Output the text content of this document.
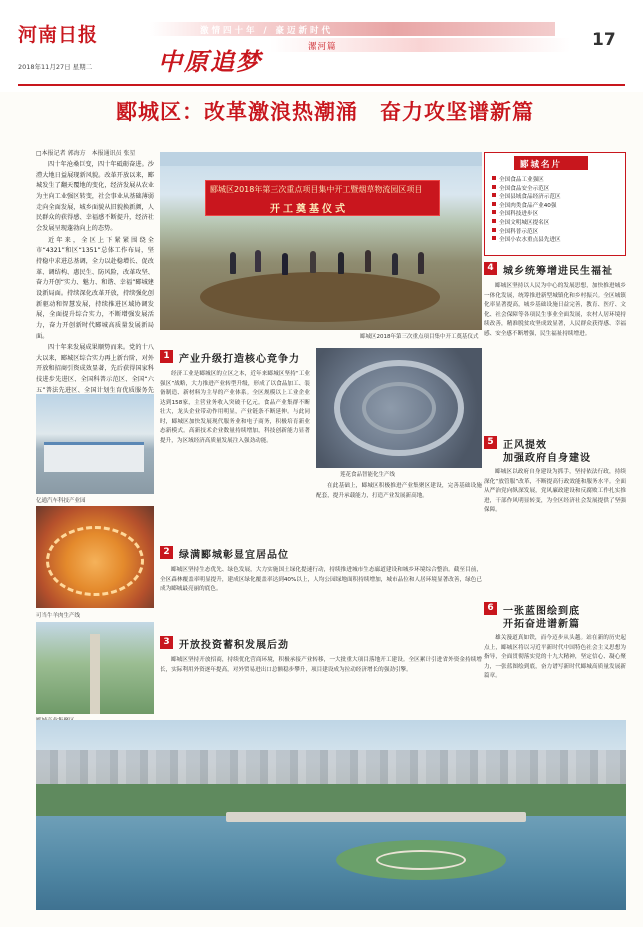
河南日报
2018年11月27日 星期二
激情四十年 / 豪迈新时代
漯河篇	17
中原追梦
郾城区：改革激浪热潮涌　奋力攻坚谱新篇
□本报记者 郭海方　本报通讯员 张星

四十年沧桑巨变，四十年砥砺奋进。沙澧大地日益展现新风貌。改革开放以来，郾城发生了翻天覆地的变化，经济发展从农业为主向工业强区转变，社会事业从基础薄弱走向全面发展，城乡面貌从旧貌换新颜，人民群众的获得感、幸福感不断提升，经济社会发展呈现蓬勃向上的态势。

近年来，全区上下紧紧围绕全市“4321”和区“1351”总体工作布局，坚持稳中求进总基调，全力以赴稳增长、促改革、调结构、惠民生、防风险，改革攻坚、奋力开创“实力、魅力、和谐、幸福”郾城建设新局面。持续深化改革开放，持续强化创新驱动和智慧发展，持续推进区域协调发展，全面提升综合实力，不断增强发展活力，奋力开创新时代郾城高质量发展新局面。

四十年来发展成果顺势而来。党的十八大以来，郾城区综合实力再上新台阶，对外开放和招商引资成效显著，先后获得国家科技进步先进区、全国科普示范区、全国“六五”普法先进区、全国计划生育优质服务先

郾城区2018年第三次重点项目集中开工暨烟草物流园区项目
开工奠基仪式
郾城区2018年第三次重点项目集中开工奠基仪式
郾城名片
全国食品工业强区
全国食品安全示范区
全国县域食品经济示范区
全国肉类食品产业40强
全国科技进步区
全国文明城区提名区
全国科普示范区
全国小农水重点县先进区
4 城乡统筹增进民生福祉

郾城区坚持以人民为中心的发展思想，加快推进城乡一体化发展，统筹推进新型城镇化和乡村振兴。全区城镇化率显著提高，城乡基础设施日益完善，教育、医疗、文化、社会保障等各项民生事业全面发展，农村人居环境持续改善，精准脱贫攻坚成效显著，人民群众获得感、幸福感、安全感不断增强，民生福祉持续增进。

5 正风提效
加强政府自身建设

郾城区以政府自身建设为抓手，坚持依法行政，持续深化“放管服”改革，不断提高行政效能和服务水平。全面从严治党向纵深发展，党风廉政建设和反腐败工作扎实推进，干部作风明显转变，为全区经济社会发展提供了坚强保障。

6 一张蓝图绘到底
开拓奋进谱新篇

雄关漫道真如铁，而今迈步从头越。站在新的历史起点上，郾城区将以习近平新时代中国特色社会主义思想为指导，全面贯彻落实党的十九大精神，坚定信心、凝心聚力，一张蓝图绘到底，奋力谱写新时代郾城高质量发展新篇章。

亿通汽车科技产业园
可当牛羊肉生产线
1 产业升级打造核心竞争力

经济工业是郾城区的立区之本，近年来郾城区坚持“工业强区”战略，大力推进产业转型升级，形成了以食品加工、装备制造、新材料为主导的产业体系。全区规模以上工业企业达到158家，主营业务收入突破千亿元。食品产业集群不断壮大，龙头企业带动作用明显，产业链条不断延伸。与此同时，郾城区加快发展现代服务业和电子商务，积极培育新业态新模式。高新技术企业数量持续增加，科技创新能力显著提升，为区域经济高质量发展注入强劲动能。

莲花食品智能化生产线

在此基础上，郾城区积极推进产业集聚区建设，完善基础设施配套，提升承载能力，打造产业发展新高地。

2 绿满郾城彰显宜居品位

郾城区坚持生态优先、绿色发展，大力实施国土绿化提速行动，持续推进城市生态廊道建设和城乡环境综合整治。截至目前，全区森林覆盖率明显提升，建成区绿化覆盖率达到40%以上，人均公园绿地面积持续增加，城市品位和人居环境显著改善，绿色已成为郾城最亮丽的底色。

3 开放投资蓄积发展后劲

郾城区坚持开放招商，持续优化营商环境，积极承接产业转移，一大批重大项目落地开工建设。全区累计引进省外资金持续增长，实际利用外资逐年提高，对外贸易进出口总额稳步攀升，项目建设成为拉动经济增长的强劲引擎。
